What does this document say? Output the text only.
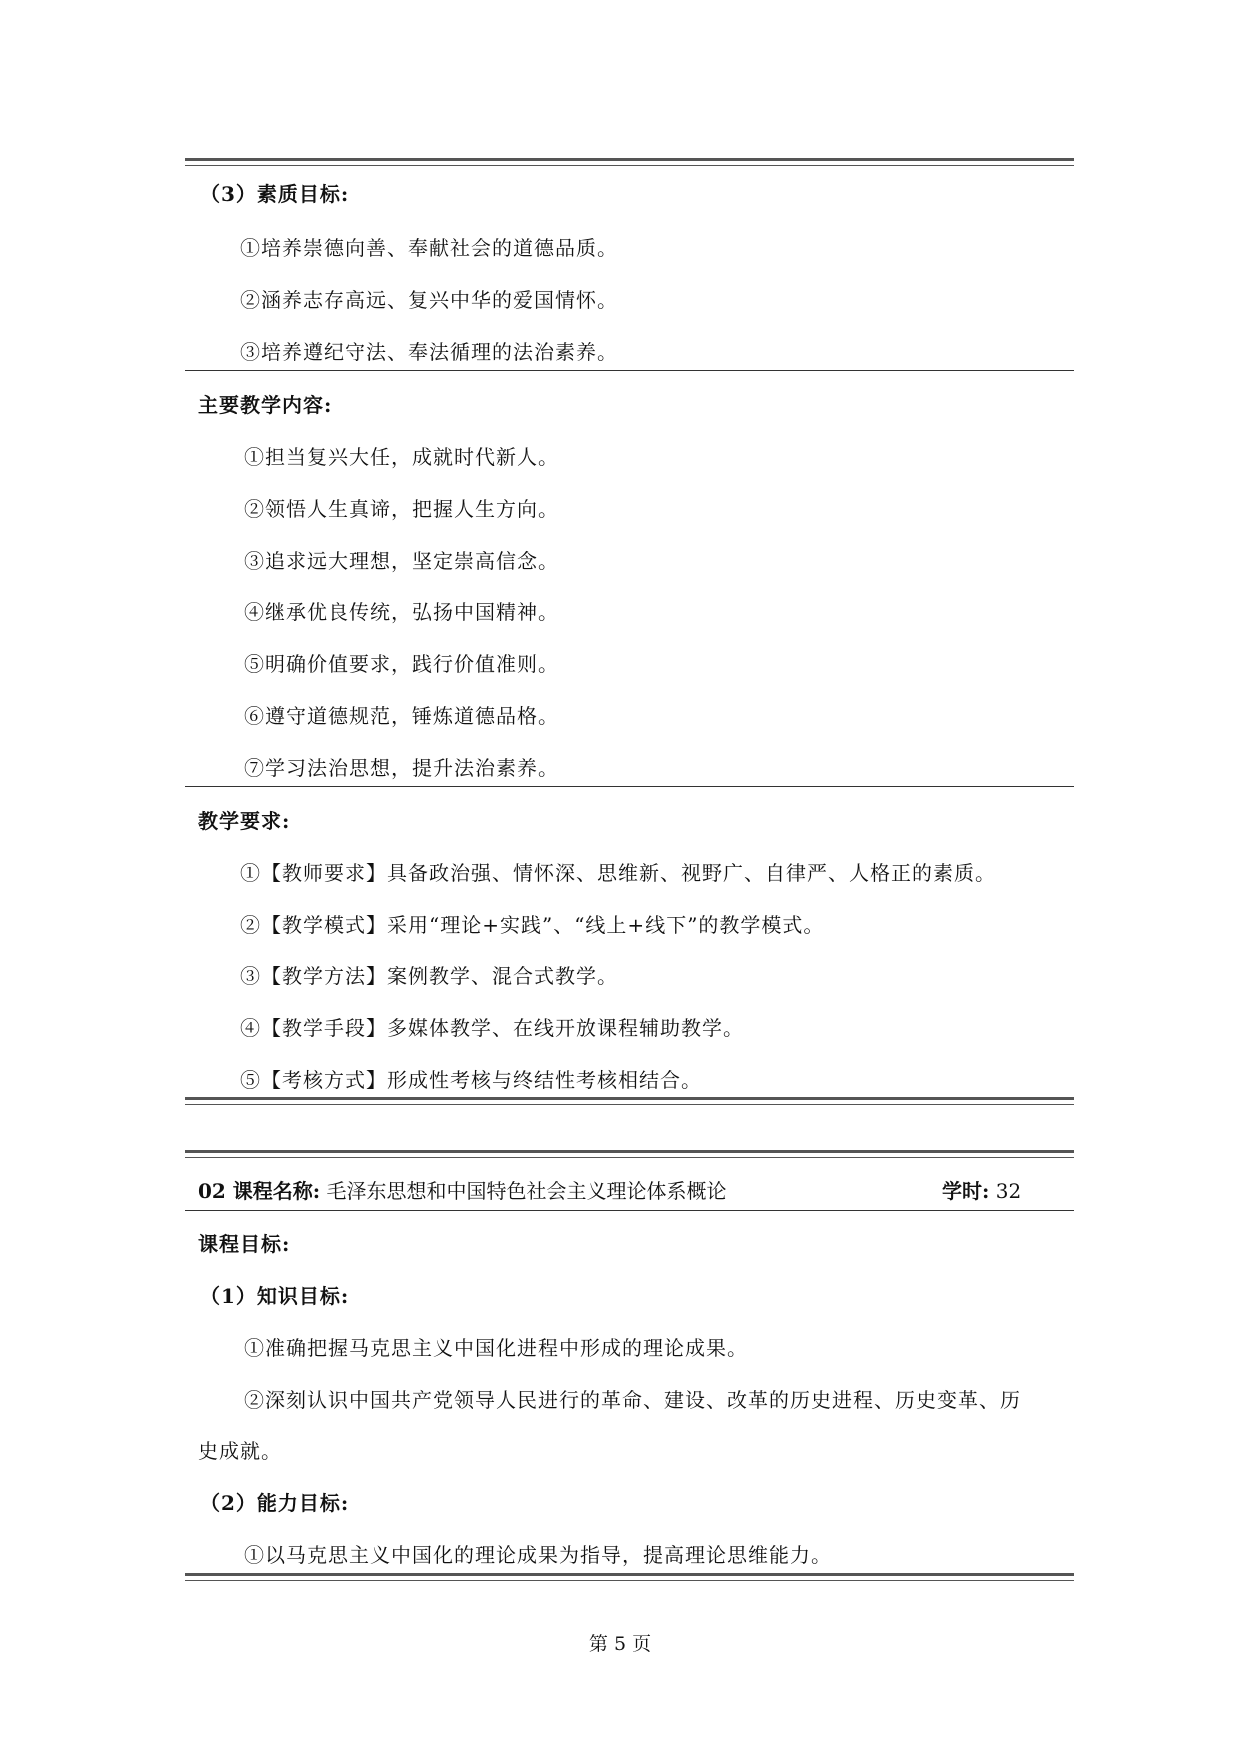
（3）素质目标:
①培养崇德向善、奉献社会的道德品质。
②涵养志存高远、复兴中华的爱国情怀。
③培养遵纪守法、奉法循理的法治素养。
主要教学内容:
①担当复兴大任，成就时代新人。
②领悟人生真谛，把握人生方向。
③追求远大理想，坚定崇高信念。
④继承优良传统，弘扬中国精神。
⑤明确价值要求，践行价值准则。
⑥遵守道德规范，锤炼道德品格。
⑦学习法治思想，提升法治素养。
教学要求:
①【教师要求】具备政治强、情怀深、思维新、视野广、自律严、人格正的素质。
②【教学模式】采用“理论+实践”、“线上+线下”的教学模式。
③【教学方法】案例教学、混合式教学。
④【教学手段】多媒体教学、在线开放课程辅助教学。
⑤【考核方式】形成性考核与终结性考核相结合。
02 课程名称: 毛泽东思想和中国特色社会主义理论体系概论	学时: 32
课程目标:
（1）知识目标:
①准确把握马克思主义中国化进程中形成的理论成果。
②深刻认识中国共产党领导人民进行的革命、建设、改革的历史进程、历史变革、历
史成就。
（2）能力目标:
①以马克思主义中国化的理论成果为指导，提高理论思维能力。
第 5 页
